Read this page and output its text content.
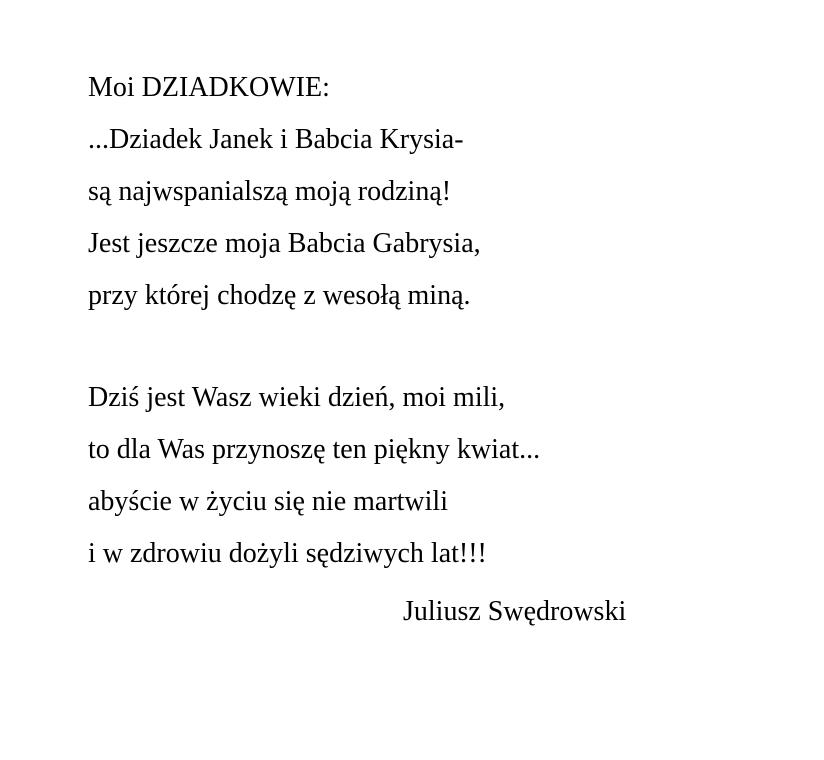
Moi DZIADKOWIE:
...Dziadek Janek i Babcia Krysia-
są najwspanialszą moją rodziną!
Jest jeszcze moja Babcia Gabrysia,
przy której chodzę z wesołą miną.
Dziś jest Wasz wieki dzień, moi mili,
to dla Was przynoszę ten piękny kwiat...
abyście w życiu się nie martwili
i w zdrowiu dożyli sędziwych lat!!!
Juliusz Swędrowski
